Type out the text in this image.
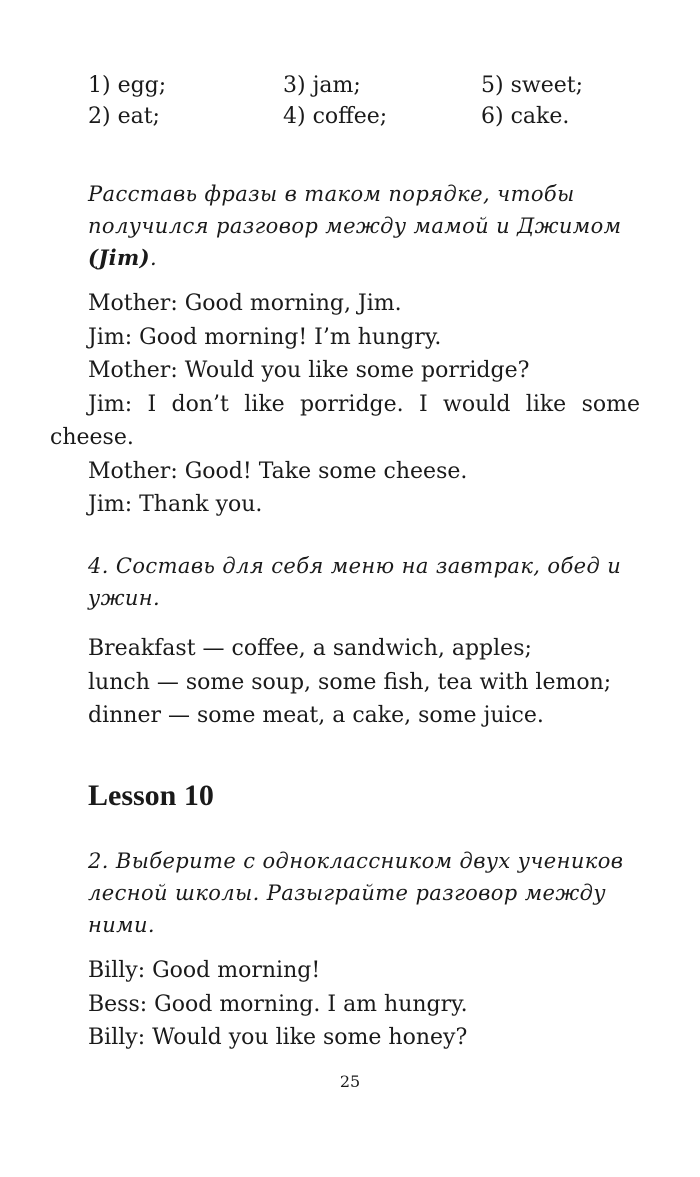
1) egg;	3) jam;	5) sweet;
2) eat;	4) coffee;	6) cake.
Расставь фразы в таком порядке, чтобы получился разговор между мамой и Джимом
(Jim).

Mother: Good morning, Jim.

Jim: Good morning! I’m hungry.

Mother: Would you like some porridge?

Jim: I don’t like porridge. I would like some cheese.

Mother: Good! Take some cheese.

Jim: Thank you.

4. Составь для себя меню на завтрак, обед и ужин.

Breakfast — coffee, a sandwich, apples;

lunch — some soup, some fish, tea with lemon;

dinner — some meat, a cake, some juice.

Lesson 10
2. Выберите с одноклассником двух учеников лесной школы. Разыграйте разговор между ними.

Billy: Good morning!

Bess: Good morning. I am hungry.

Billy: Would you like some honey?

25
